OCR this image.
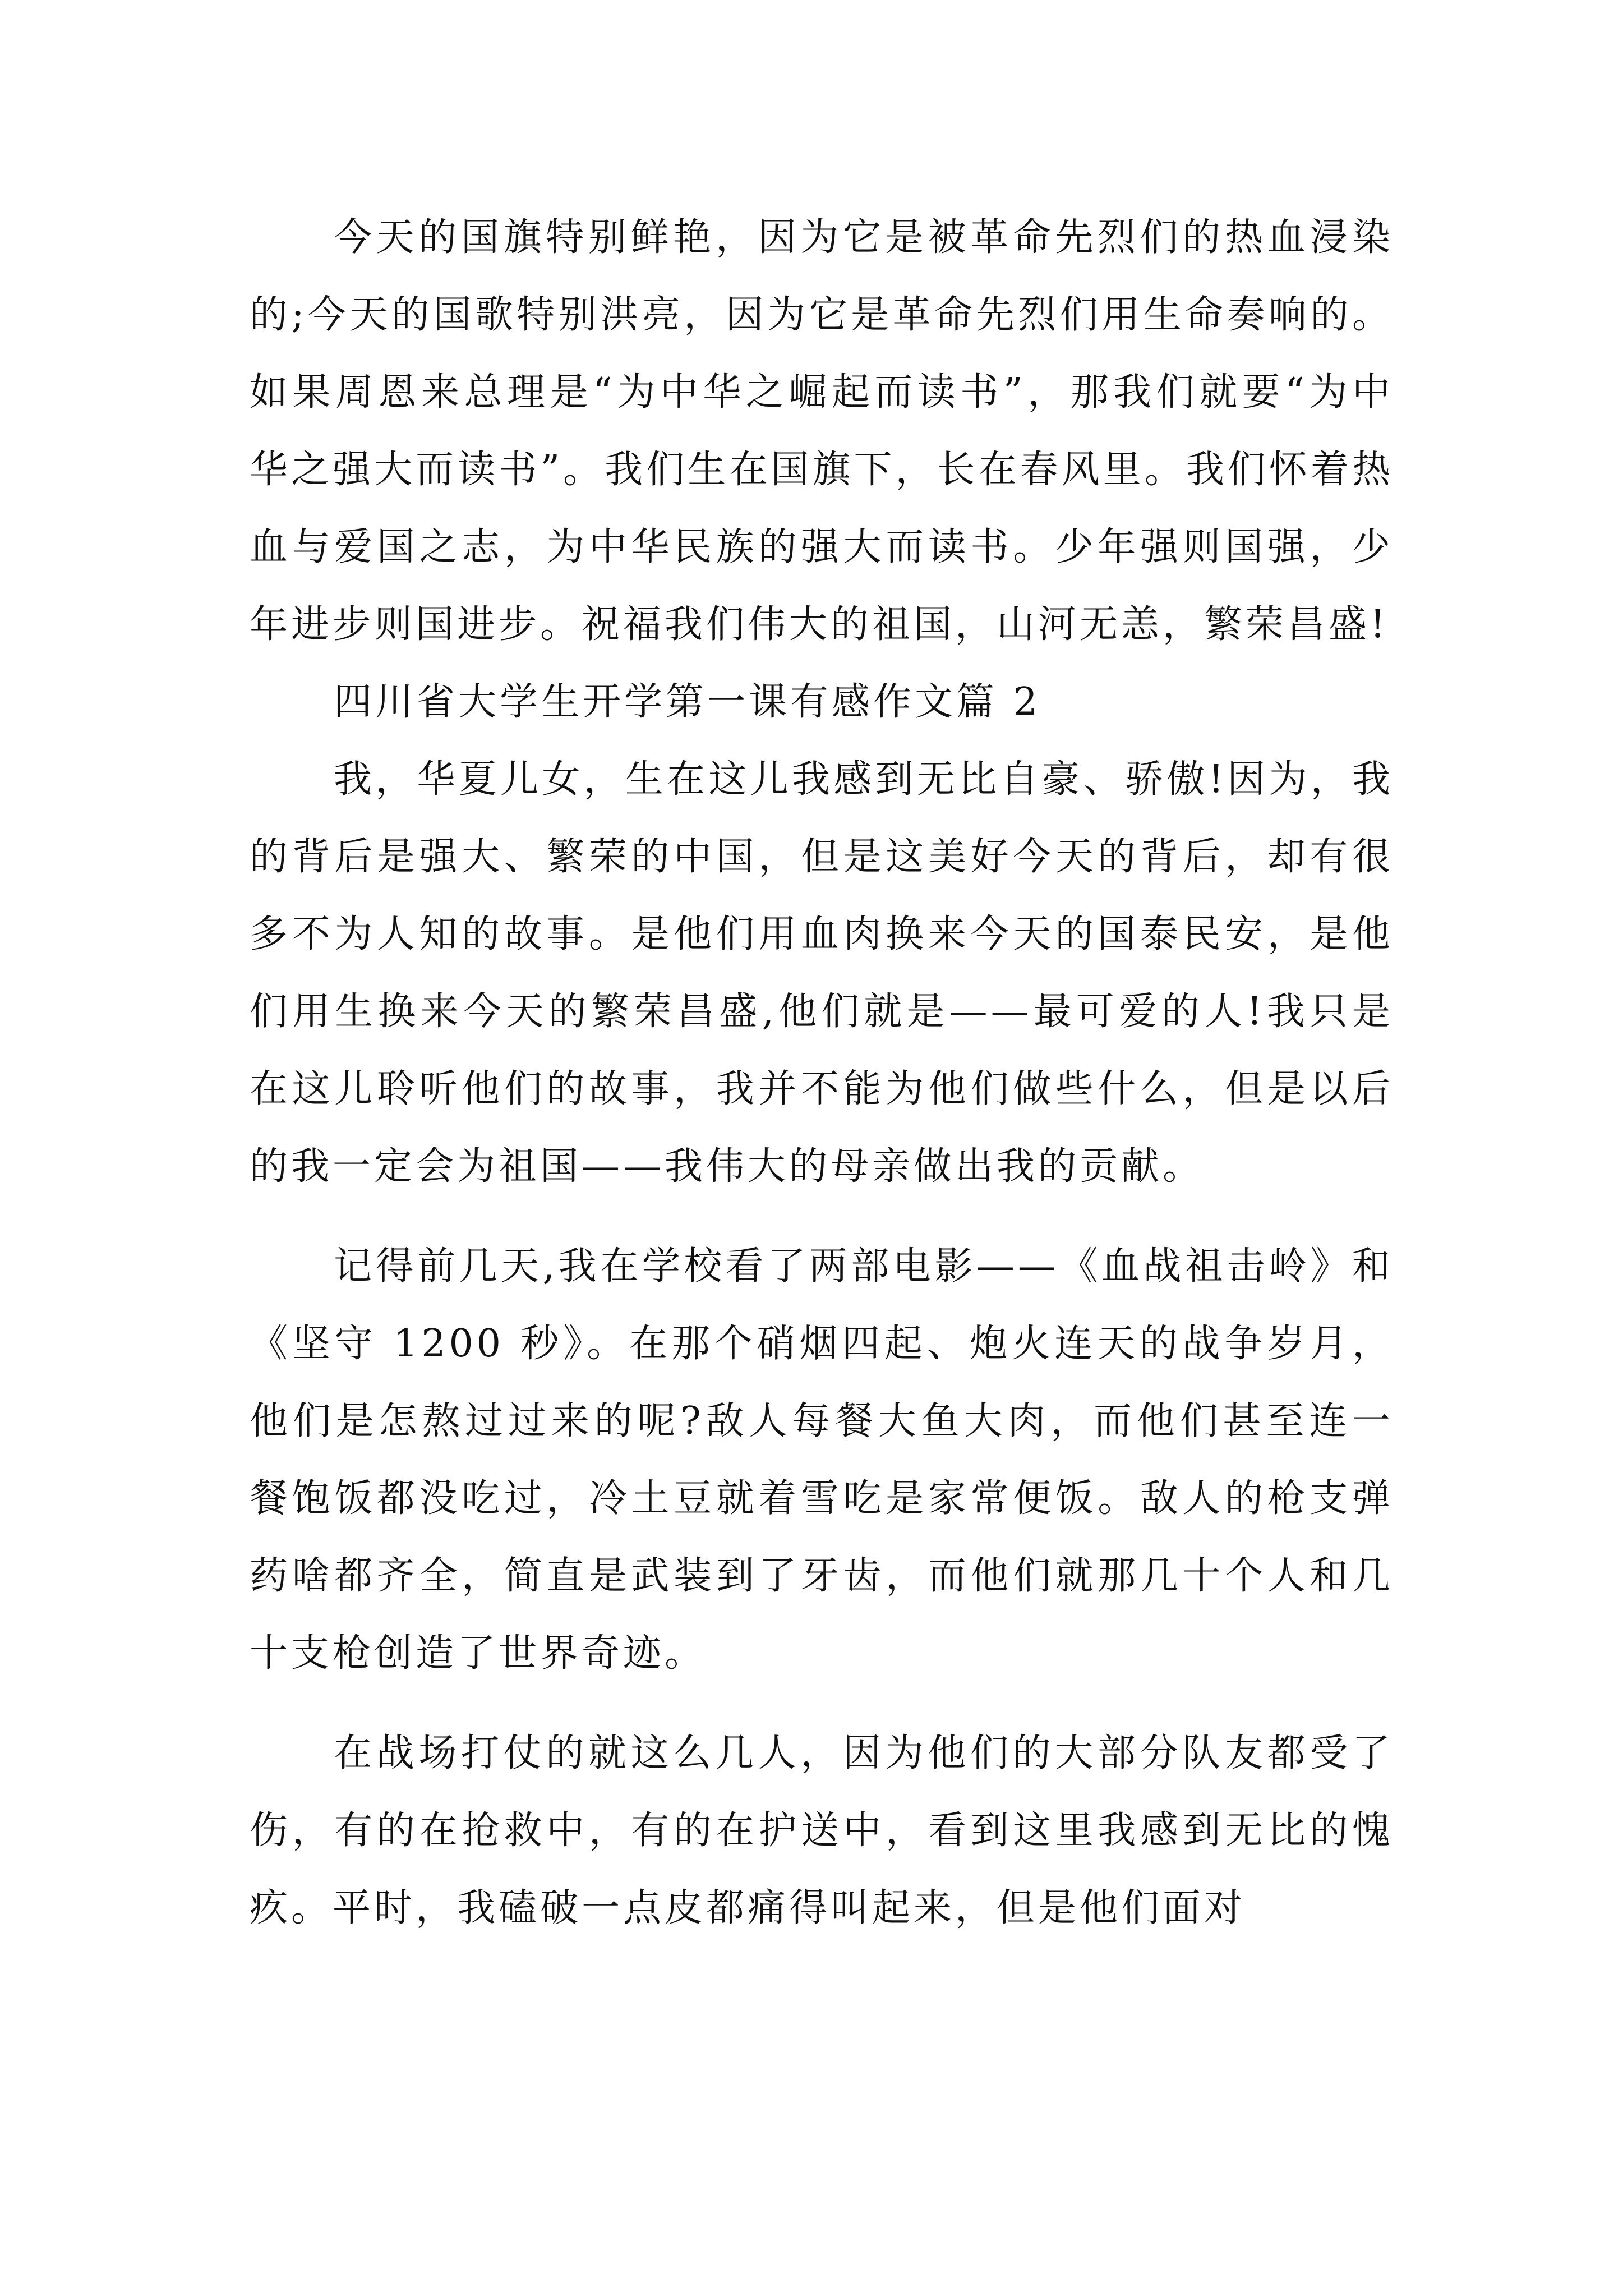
今天的国旗特别鲜艳，因为它是被革命先烈们的热血浸染的;今天的国歌特别洪亮，因为它是革命先烈们用生命奏响的。如果周恩来总理是“为中华之崛起而读书”，那我们就要“为中华之强大而读书”。我们生在国旗下，长在春风里。我们怀着热血与爱国之志，为中华民族的强大而读书。少年强则国强，少年进步则国进步。祝福我们伟大的祖国，山河无恙，繁荣昌盛!

四川省大学生开学第一课有感作文篇 2

我，华夏儿女，生在这儿我感到无比自豪、骄傲!因为，我的背后是强大、繁荣的中国，但是这美好今天的背后，却有很多不为人知的故事。是他们用血肉换来今天的国泰民安，是他们用生换来今天的繁荣昌盛,他们就是——最可爱的人!我只是在这儿聆听他们的故事，我并不能为他们做些什么，但是以后的我一定会为祖国——我伟大的母亲做出我的贡献。

记得前几天,我在学校看了两部电影——《血战祖击岭》和《坚守 1200 秒》。在那个硝烟四起、炮火连天的战争岁月，他们是怎熬过过来的呢?敌人每餐大鱼大肉，而他们甚至连一餐饱饭都没吃过，冷土豆就着雪吃是家常便饭。敌人的枪支弹药啥都齐全，简直是武装到了牙齿，而他们就那几十个人和几十支枪创造了世界奇迹。

在战场打仗的就这么几人，因为他们的大部分队友都受了伤，有的在抢救中，有的在护送中，看到这里我感到无比的愧疚。平时，我磕破一点皮都痛得叫起来，但是他们面对
